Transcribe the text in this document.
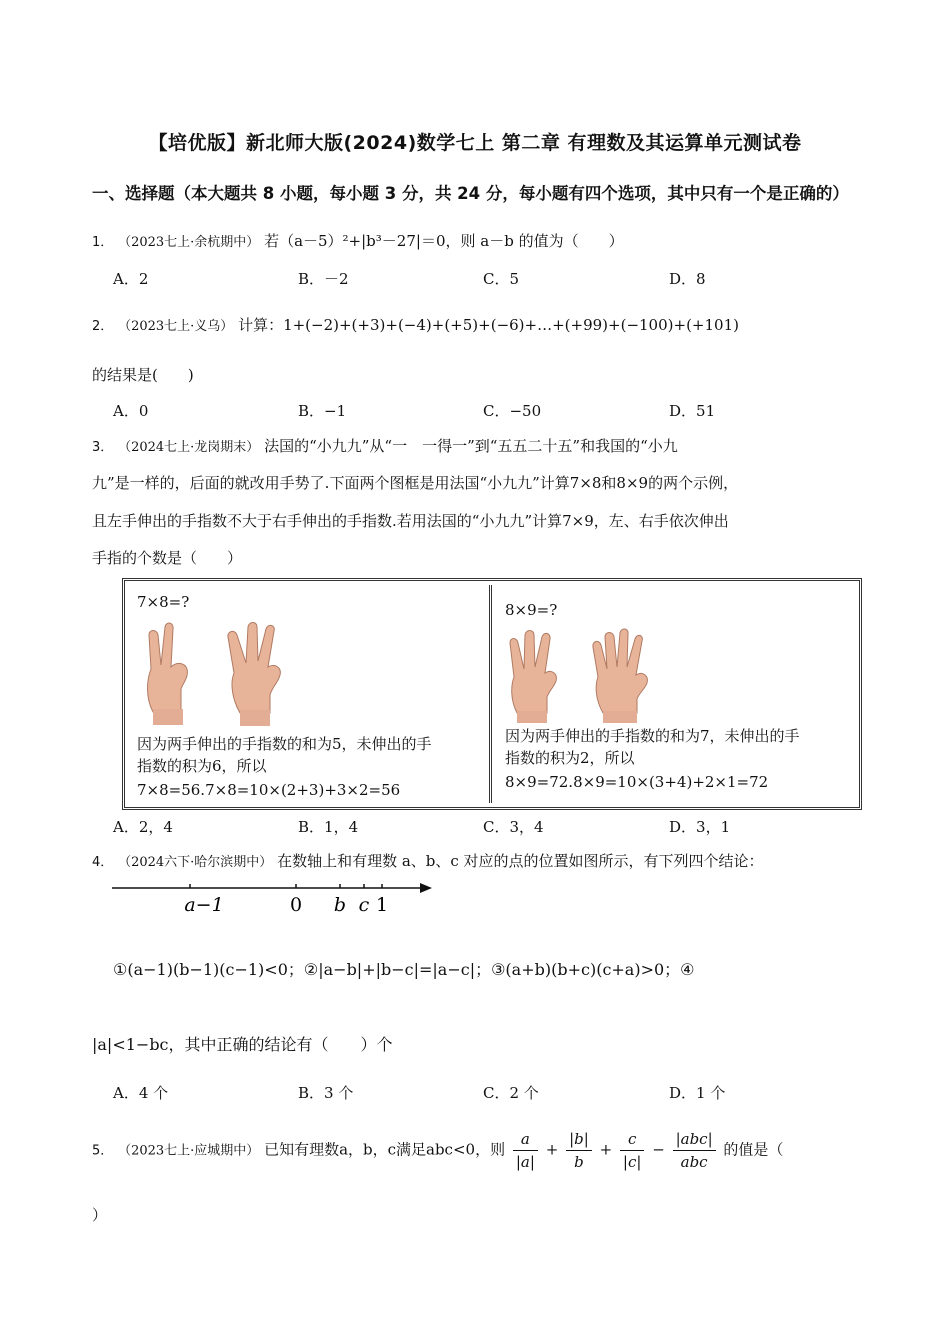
【培优版】新北师大版(2024)数学七上 第二章 有理数及其运算单元测试卷
一、选择题（本大题共 8 小题，每小题 3 分，共 24 分，每小题有四个选项，其中只有一个是正确的）
1． （2023七上·余杭期中） 若（a－5）²+|b³－27|＝0，则 a－b 的值为（　　）
A．2	B．－2	C．5	D．8
2． （2023七上·义乌） 计算：1+(−2)+(+3)+(−4)+(+5)+(−6)+…+(+99)+(−100)+(+101)
的结果是(　　)
A．0	B．−1	C．−50	D．51
3． （2024七上·龙岗期末） 法国的“小九九”从“一　一得一”到“五五二十五”和我国的“小九
九”是一样的，后面的就改用手势了.下面两个图框是用法国“小九九”计算7×8和8×9的两个示例，
且左手伸出的手指数不大于右手伸出的手指数.若用法国的“小九九”计算7×9，左、右手依次伸出
手指的个数是（　　）
7×8=?
因为两手伸出的手指数的和为5，未伸出的手
指数的积为6，所以
7×8=56.7×8=10×(2+3)+3×2=56
8×9=?
因为两手伸出的手指数的和为7，未伸出的手
指数的积为2，所以
8×9=72.8×9=10×(3+4)+2×1=72
A．2，4	B．1，4	C．3，4	D．3，1
4． （2024六下·哈尔滨期中） 在数轴上和有理数 a、b、c 对应的点的位置如图所示，有下列四个结论：
a−1	0 b c 1
①(a−1)(b−1)(c−1)<0；②|a−b|+|b−c|=|a−c|；③(a+b)(b+c)(c+a)>0；④
|a|<1−bc，其中正确的结论有（　　）个
A．4 个	B．3 个	C．2 个	D．1 个
5． （2023七上·应城期中） 已知有理数a，b，c满足abc<0，则 $\frac{a}{|a|} + \frac{|b|}{b} + \frac{c}{|c|} - \frac{\text{|abc|}}{\text{abc}}$ 的值是（
）
